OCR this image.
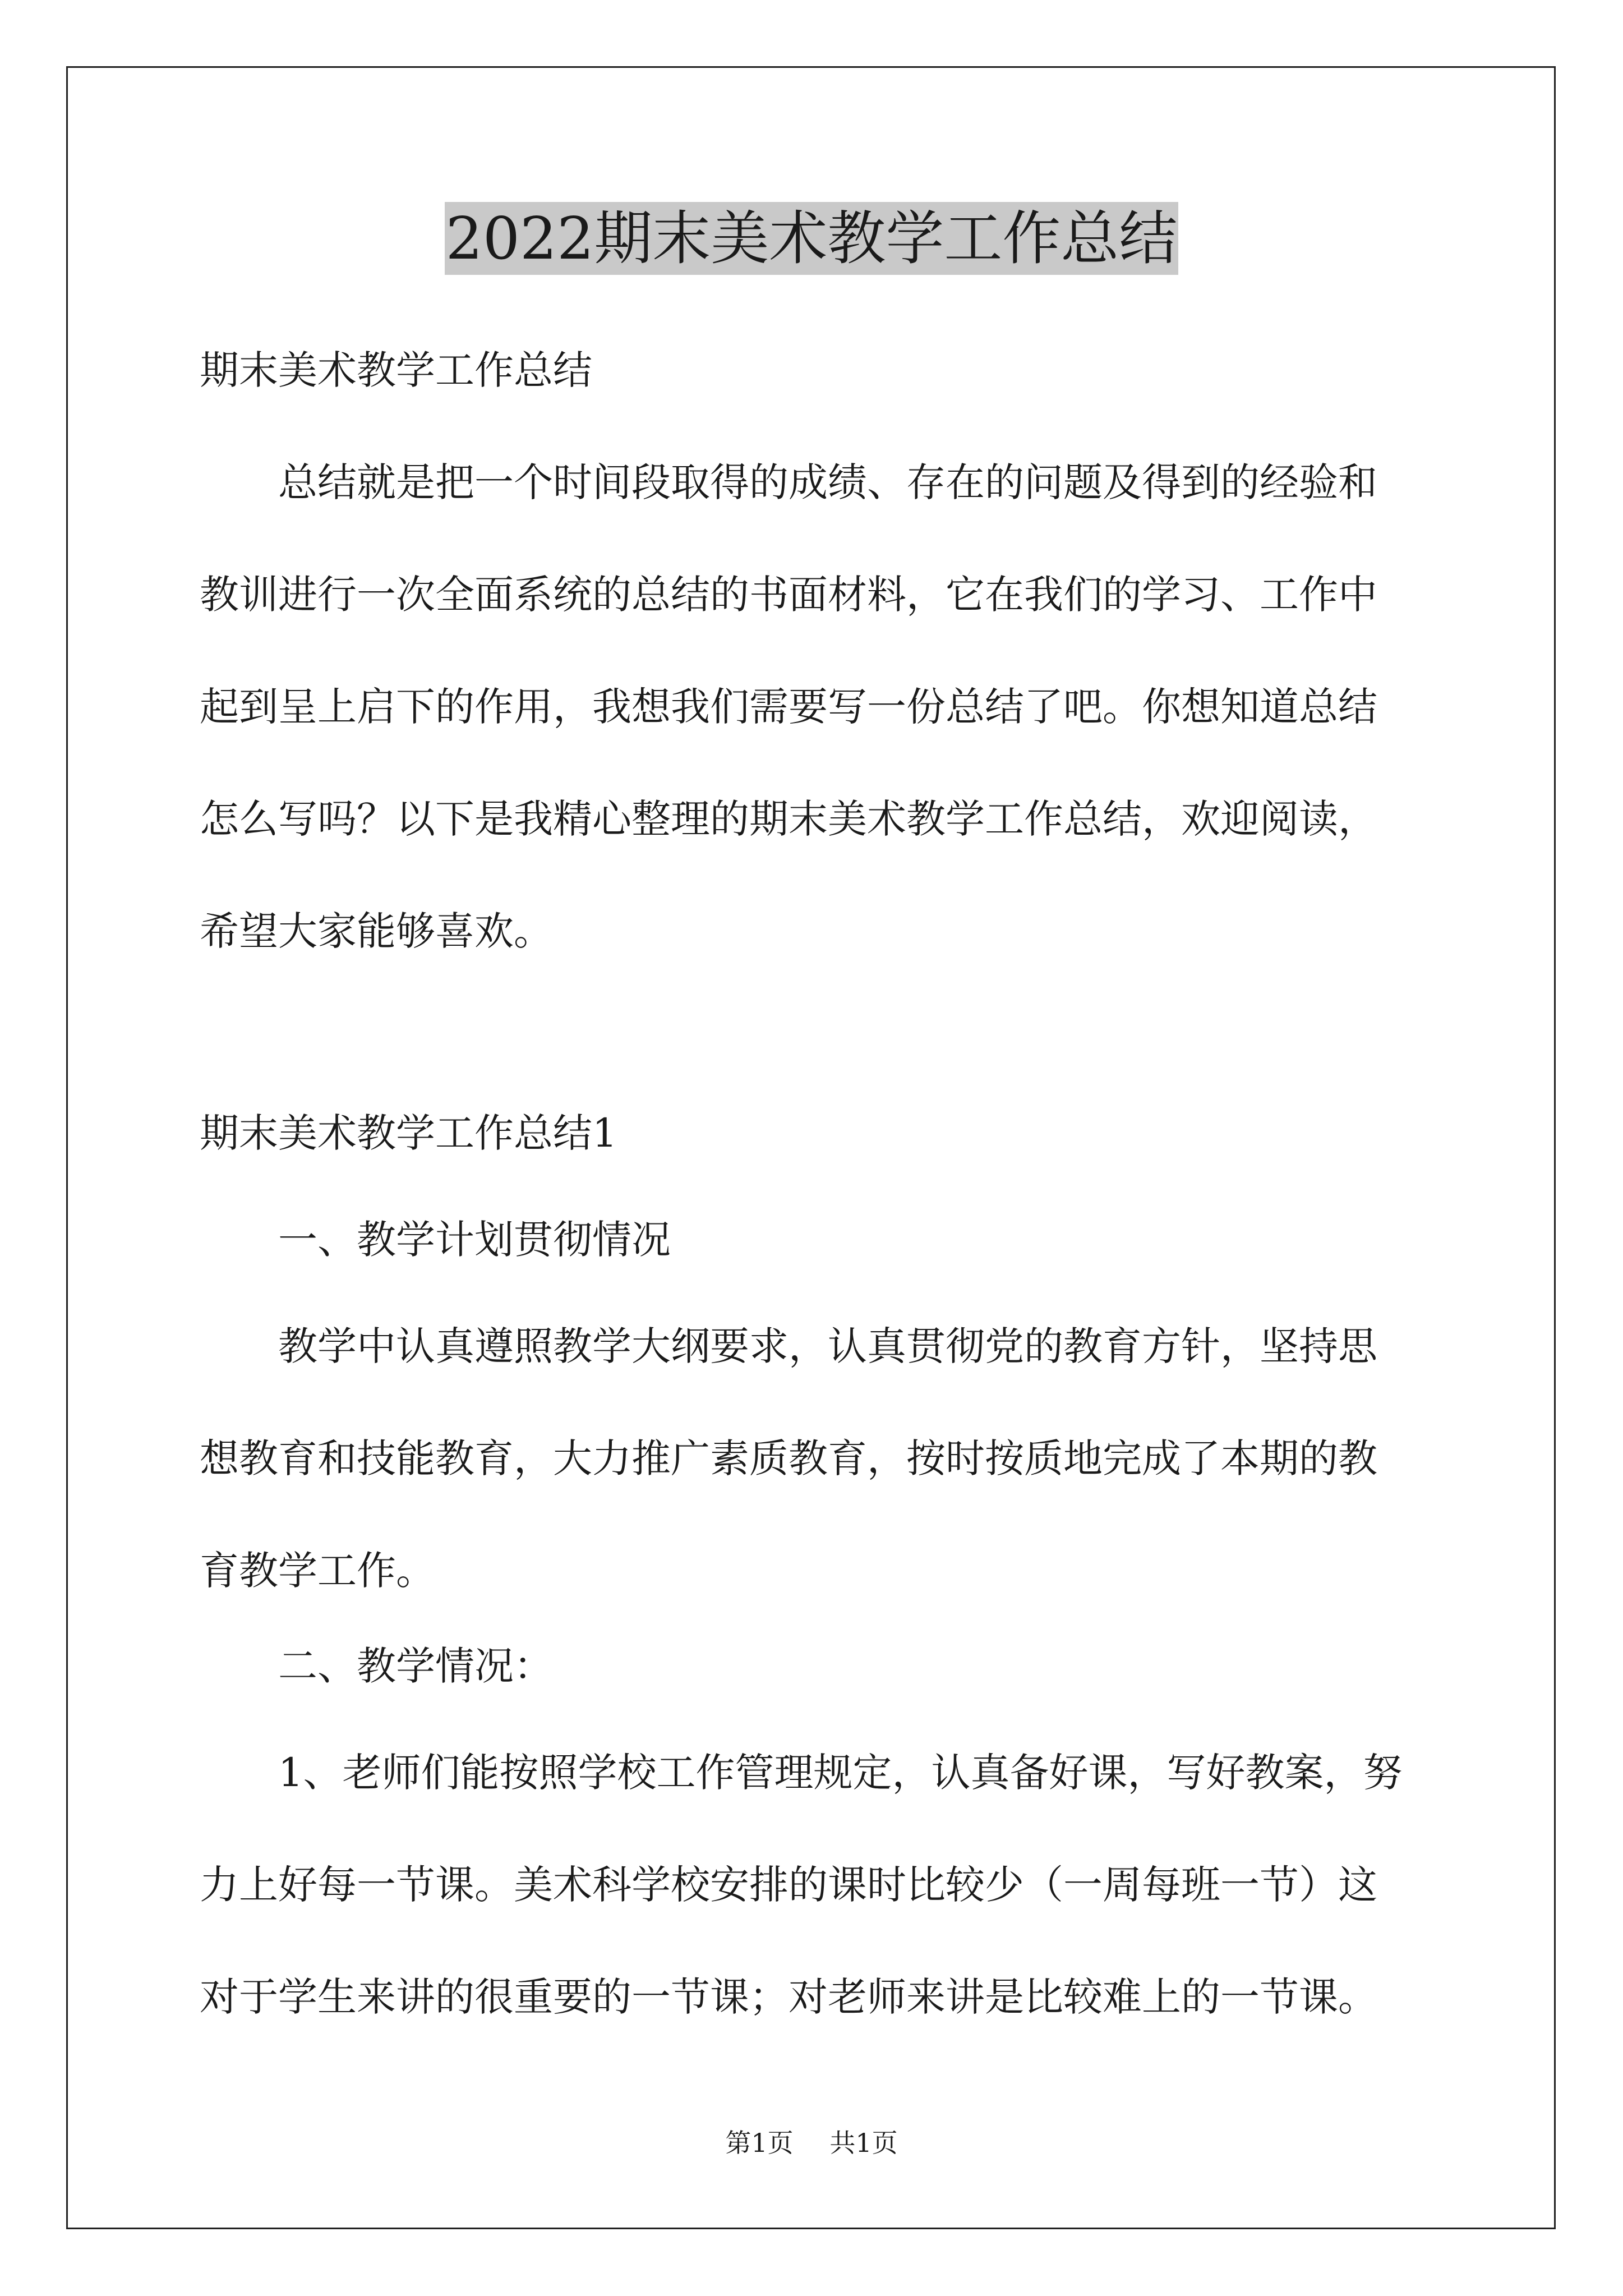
2022期末美术教学工作总结

期末美术教学工作总结

总结就是把一个时间段取得的成绩、存在的问题及得到的经验和
教训进行一次全面系统的总结的书面材料，它在我们的学习、工作中
起到呈上启下的作用，我想我们需要写一份总结了吧。你想知道总结
怎么写吗？以下是我精心整理的期末美术教学工作总结，欢迎阅读，
希望大家能够喜欢。

期末美术教学工作总结1

一、教学计划贯彻情况

教学中认真遵照教学大纲要求，认真贯彻党的教育方针，坚持思
想教育和技能教育，大力推广素质教育，按时按质地完成了本期的教
育教学工作。

二、教学情况：

1、老师们能按照学校工作管理规定，认真备好课，写好教案，努
力上好每一节课。美术科学校安排的课时比较少（一周每班一节）这
对于学生来讲的很重要的一节课；对老师来讲是比较难上的一节课。

第1页 共1页
